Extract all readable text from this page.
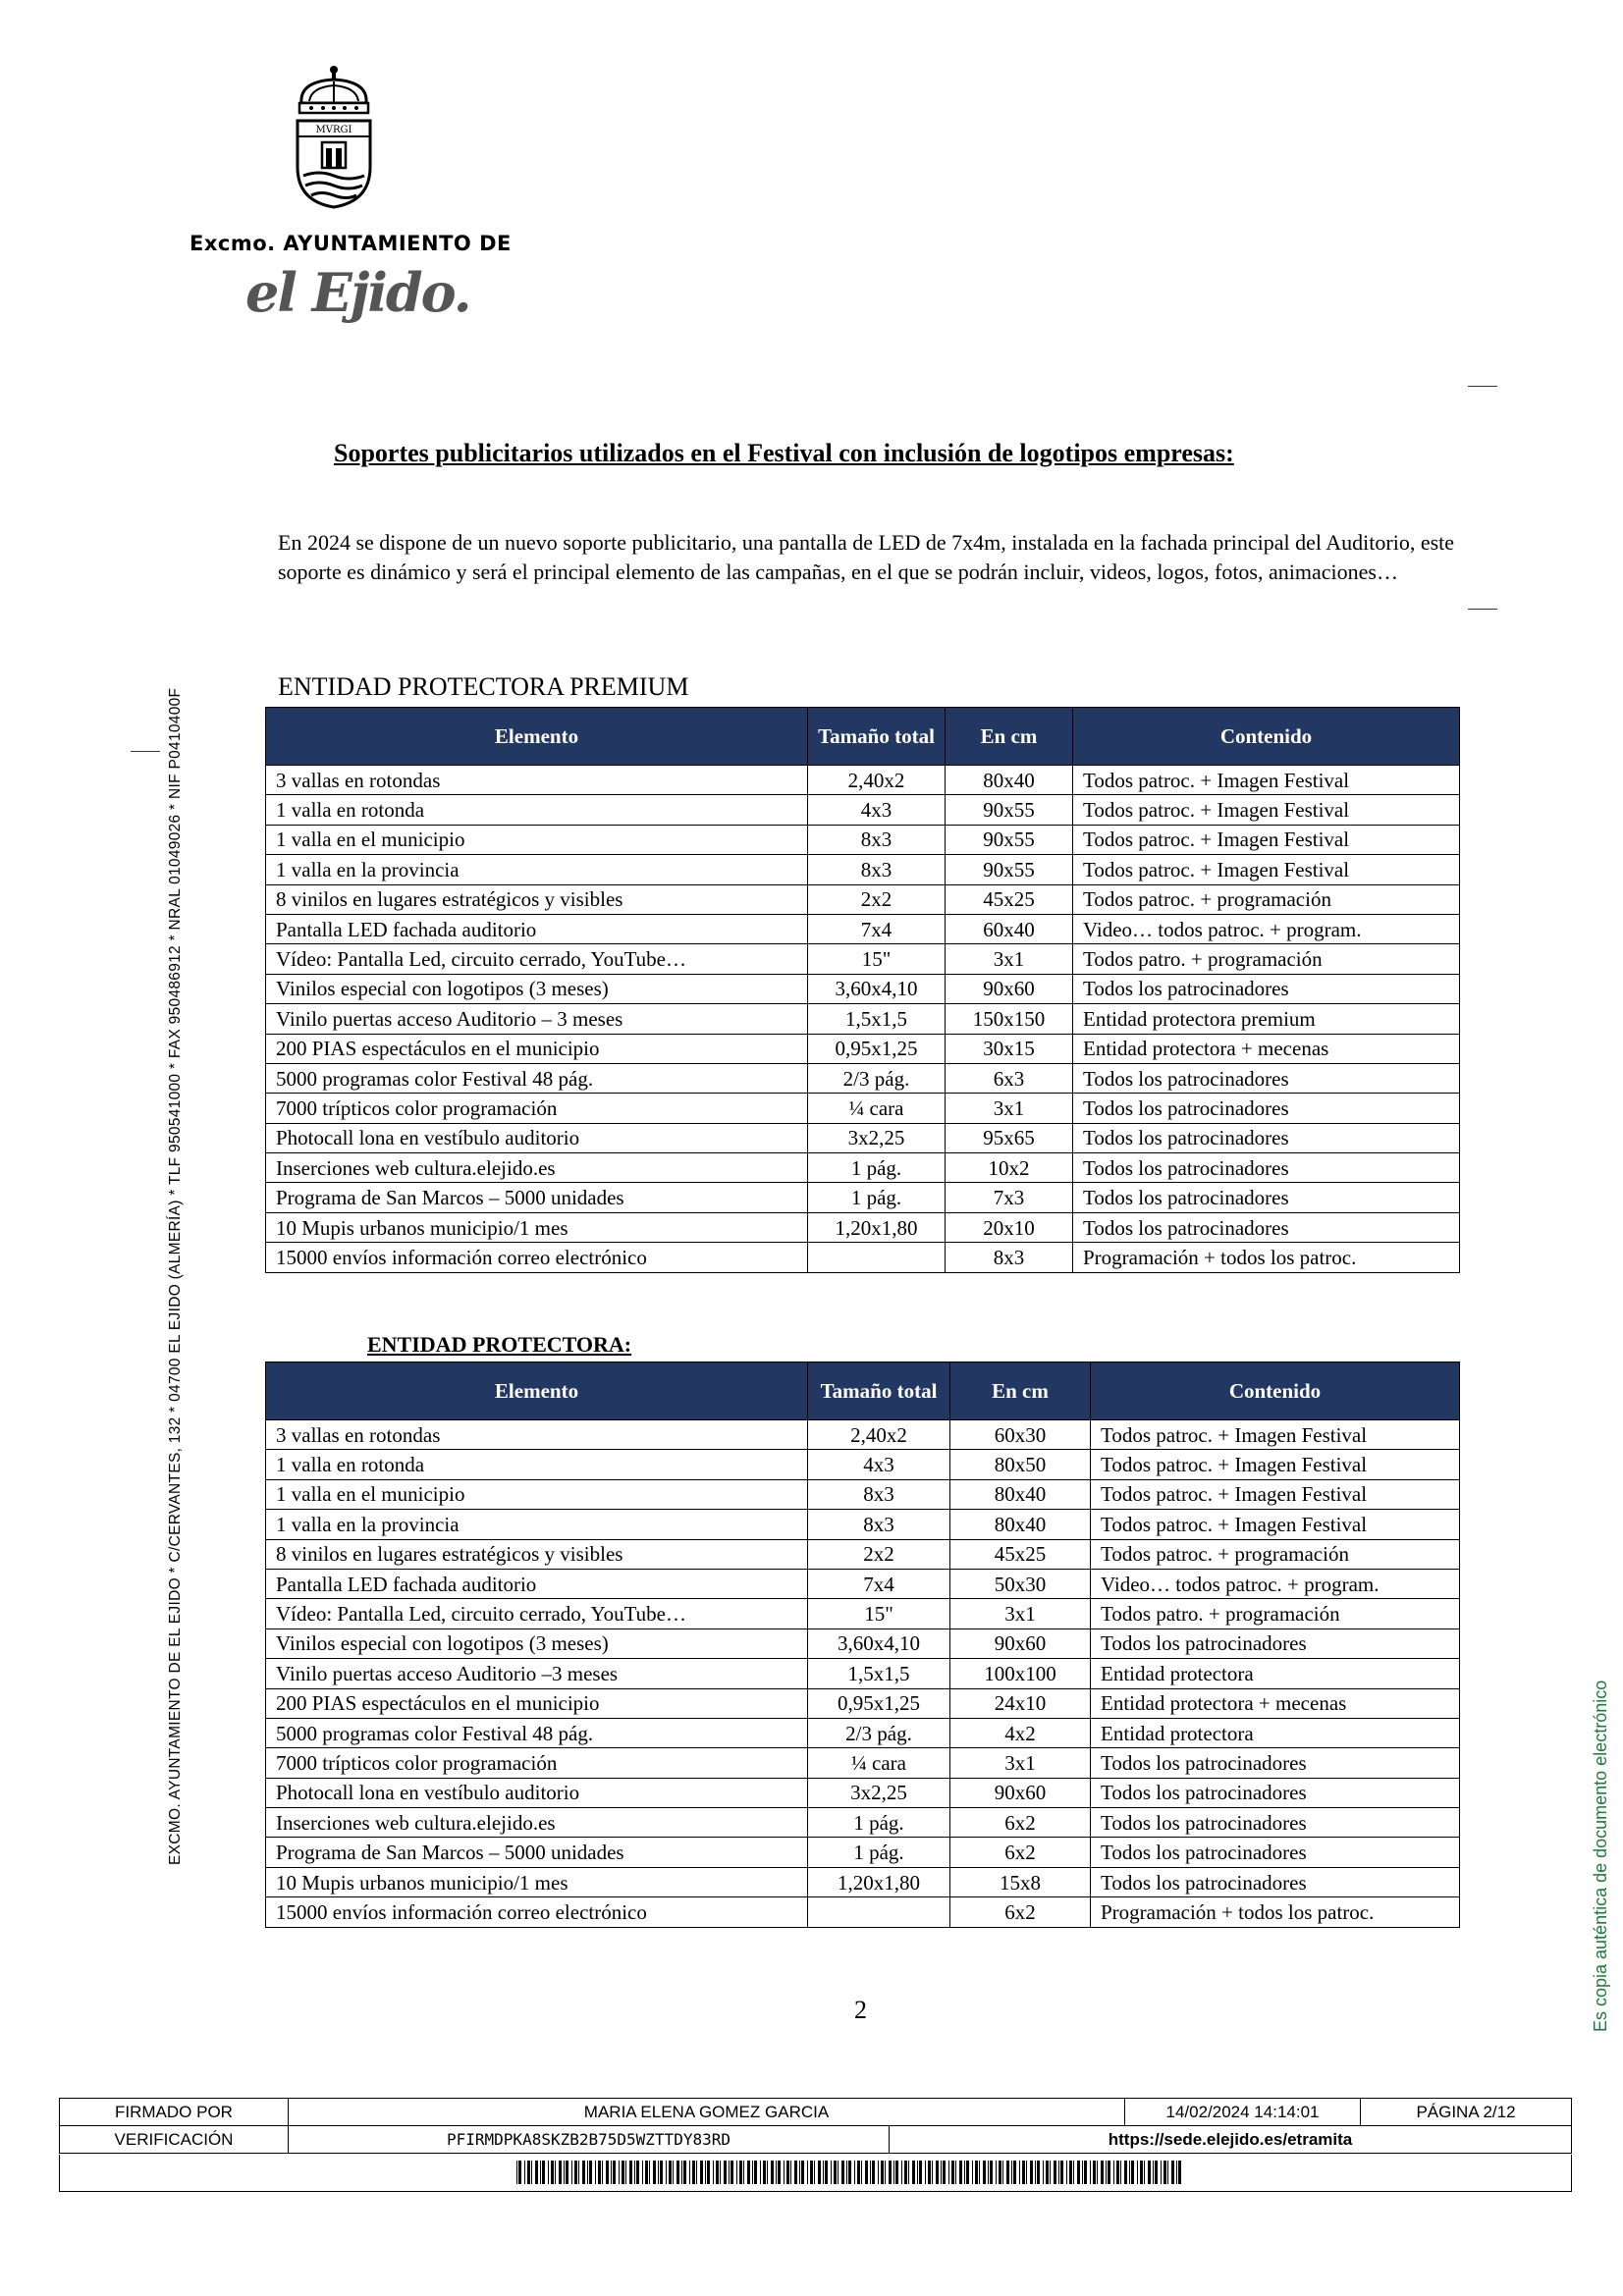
MVRGI
Excmo. AYUNTAMIENTO DE
el Ejido.
EXCMO. AYUNTAMIENTO DE EL EJIDO * C/CERVANTES, 132 * 04700 EL EJIDO (ALMERÍA) * TLF 950541000 * FAX 950486912 * NRAL 01049026 * NIF P0410400F	Es copia auténtica de documento electrónico
Soportes publicitarios utilizados en el Festival con inclusión de logotipos empresas:
En 2024 se dispone de un nuevo soporte publicitario, una pantalla de LED de 7x4m, instalada en la fachada principal del Auditorio, este soporte es dinámico y será el principal elemento de las campañas, en el que se podrán incluir, videos, logos, fotos, animaciones…
ENTIDAD PROTECTORA PREMIUM
Elemento	Tamaño total	En cm	Contenido
3 vallas en rotondas	2,40x2	80x40	Todos patroc. + Imagen Festival
1 valla en rotonda	4x3	90x55	Todos patroc. + Imagen Festival
1 valla en el municipio	8x3	90x55	Todos patroc. + Imagen Festival
1 valla en la provincia	8x3	90x55	Todos patroc. + Imagen Festival
8 vinilos en lugares estratégicos y visibles	2x2	45x25	Todos patroc. + programación
Pantalla LED fachada auditorio	7x4	60x40	Video… todos patroc. + program.
Vídeo: Pantalla Led, circuito cerrado, YouTube…	15"	3x1	Todos patro. + programación
Vinilos especial con logotipos (3 meses)	3,60x4,10	90x60	Todos los patrocinadores
Vinilo puertas acceso Auditorio – 3 meses	1,5x1,5	150x150	Entidad protectora premium
200 PIAS espectáculos en el municipio	0,95x1,25	30x15	Entidad protectora + mecenas
5000 programas color Festival 48 pág.	2/3 pág.	6x3	Todos los patrocinadores
7000 trípticos color programación	¼ cara	3x1	Todos los patrocinadores
Photocall lona en vestíbulo auditorio	3x2,25	95x65	Todos los patrocinadores
Inserciones web cultura.elejido.es	1 pág.	10x2	Todos los patrocinadores
Programa de San Marcos – 5000 unidades	1 pág.	7x3	Todos los patrocinadores
10 Mupis urbanos municipio/1 mes	1,20x1,80	20x10	Todos los patrocinadores
15000 envíos información correo electrónico		8x3	Programación + todos los patroc.
ENTIDAD PROTECTORA:
Elemento	Tamaño total	En cm	Contenido
3 vallas en rotondas	2,40x2	60x30	Todos patroc. + Imagen Festival
1 valla en rotonda	4x3	80x50	Todos patroc. + Imagen Festival
1 valla en el municipio	8x3	80x40	Todos patroc. + Imagen Festival
1 valla en la provincia	8x3	80x40	Todos patroc. + Imagen Festival
8 vinilos en lugares estratégicos y visibles	2x2	45x25	Todos patroc. + programación
Pantalla LED fachada auditorio	7x4	50x30	Video… todos patroc. + program.
Vídeo: Pantalla Led, circuito cerrado, YouTube…	15"	3x1	Todos patro. + programación
Vinilos especial con logotipos (3 meses)	3,60x4,10	90x60	Todos los patrocinadores
Vinilo puertas acceso Auditorio –3 meses	1,5x1,5	100x100	Entidad protectora
200 PIAS espectáculos en el municipio	0,95x1,25	24x10	Entidad protectora + mecenas
5000 programas color Festival 48 pág.	2/3 pág.	4x2	Entidad protectora
7000 trípticos color programación	¼ cara	3x1	Todos los patrocinadores
Photocall lona en vestíbulo auditorio	3x2,25	90x60	Todos los patrocinadores
Inserciones web cultura.elejido.es	1 pág.	6x2	Todos los patrocinadores
Programa de San Marcos – 5000 unidades	1 pág.	6x2	Todos los patrocinadores
10 Mupis urbanos municipio/1 mes	1,20x1,80	15x8	Todos los patrocinadores
15000 envíos información correo electrónico		6x2	Programación + todos los patroc.
2
FIRMADO POR	MARIA ELENA GOMEZ GARCIA	14/02/2024 14:14:01	PÁGINA 2/12
VERIFICACIÓN	PFIRMDPKA8SKZB2B75D5WZTTDY83RD	https://sede.elejido.es/etramita
